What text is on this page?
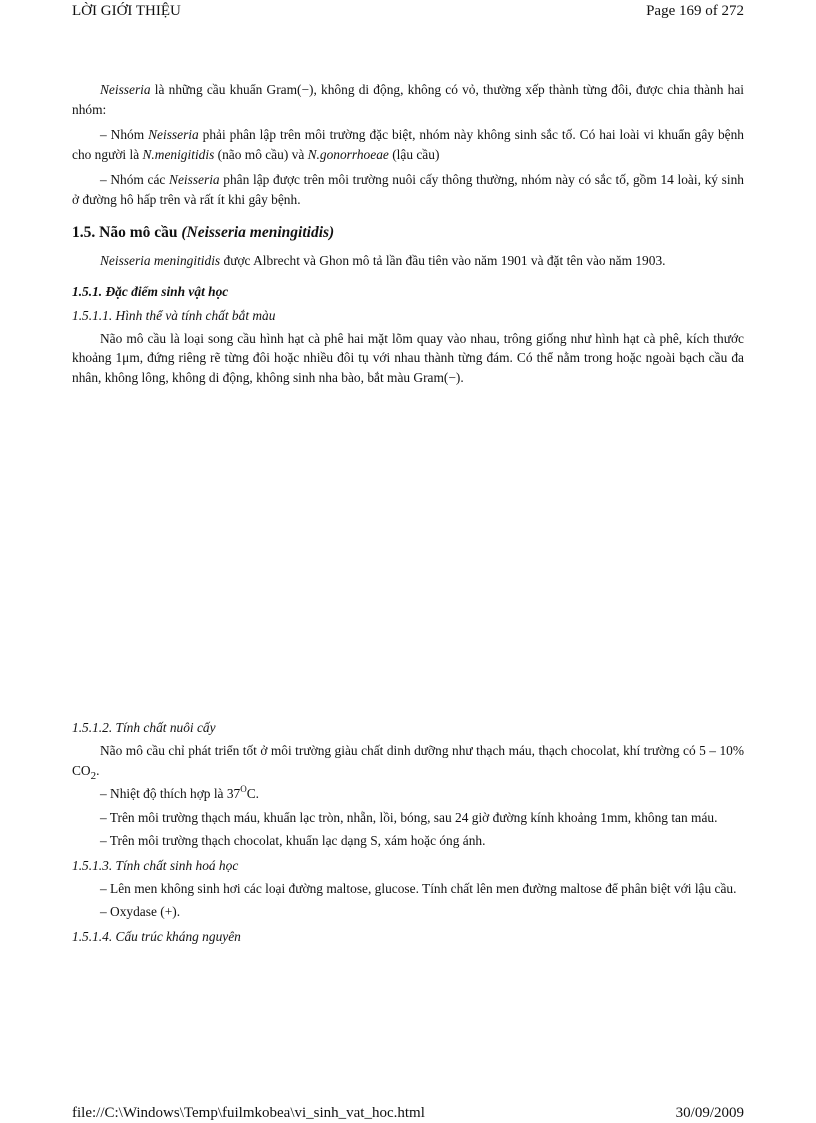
LỜI GIỚI THIỆU	Page 169 of 272

Neisseria là những cầu khuẩn Gram(−), không di động, không có vỏ, thường xếp thành từng đôi, được chia thành hai nhóm:

– Nhóm Neisseria phải phân lập trên môi trường đặc biệt, nhóm này không sinh sắc tố. Có hai loài vi khuẩn gây bệnh cho người là N.menigitidis (não mô cầu) và N.gonorrhoeae (lậu cầu)

– Nhóm các Neisseria phân lập được trên môi trường nuôi cấy thông thường, nhóm này có sắc tố, gồm 14 loài, ký sinh ở đường hô hấp trên và rất ít khi gây bệnh.

1.5. Não mô cầu (Neisseria meningitidis)

Neisseria meningitidis được Albrecht và Ghon mô tả lần đầu tiên vào năm 1901 và đặt tên vào năm 1903.

1.5.1. Đặc điểm sinh vật học
1.5.1.1. Hình thể và tính chất bắt màu

Não mô cầu là loại song cầu hình hạt cà phê hai mặt lõm quay vào nhau, trông giống như hình hạt cà phê, kích thước khoảng 1μm, đứng riêng rẽ từng đôi hoặc nhiều đôi tụ với nhau thành từng đám. Có thể nằm trong hoặc ngoài bạch cầu đa nhân, không lông, không di động, không sinh nha bào, bắt màu Gram(−).

1.5.1.2. Tính chất nuôi cấy

Não mô cầu chỉ phát triển tốt ở môi trường giàu chất dinh dưỡng như thạch máu, thạch chocolat, khí trường có 5 – 10% $CO_2$.

– Nhiệt độ thích hợp là $37^OC$.

– Trên môi trường thạch máu, khuẩn lạc tròn, nhẵn, lồi, bóng, sau 24 giờ đường kính khoảng 1mm, không tan máu.

– Trên môi trường thạch chocolat, khuẩn lạc dạng S, xám hoặc óng ánh.

1.5.1.3. Tính chất sinh hoá học

– Lên men không sinh hơi các loại đường maltose, glucose. Tính chất lên men đường maltose để phân biệt với lậu cầu.

– Oxydase (+).

1.5.1.4. Cấu trúc kháng nguyên
file://C:\Windows\Temp\fuilmkobea\vi_sinh_vat_hoc.html	30/09/2009
